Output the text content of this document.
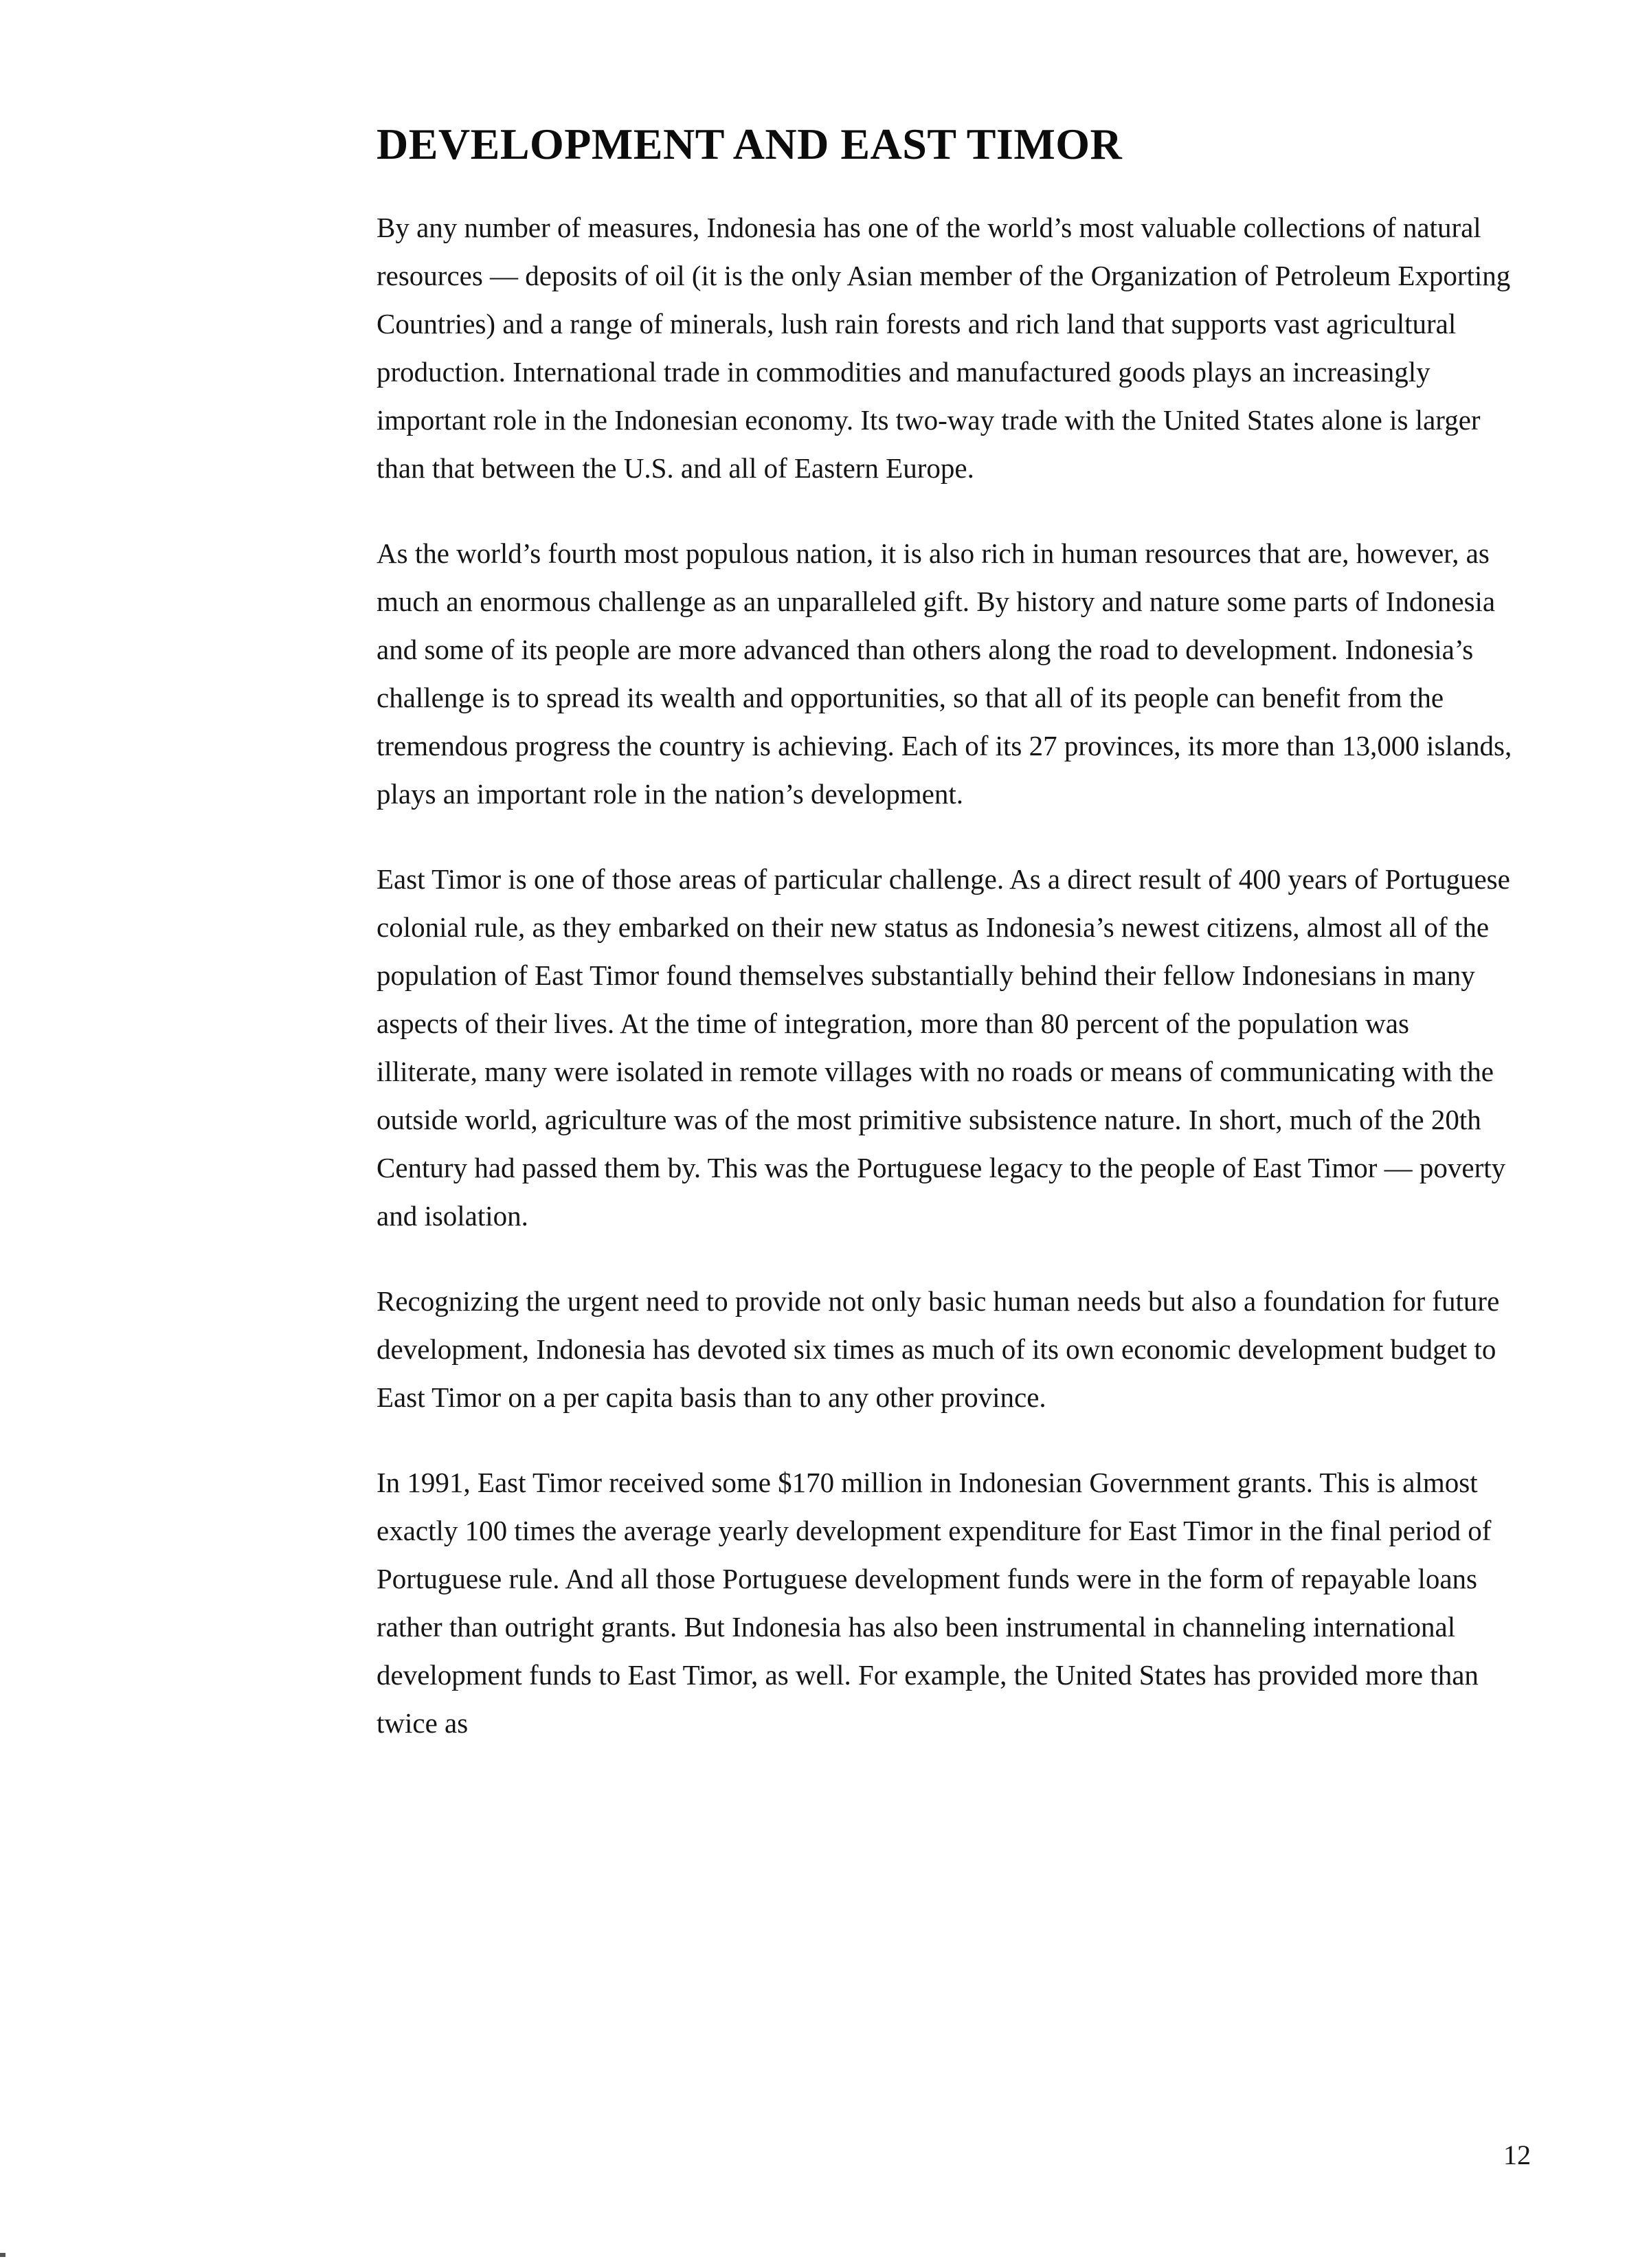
DEVELOPMENT AND EAST TIMOR

By any number of measures, Indonesia has one of the world’s most valuable collections of natural resources — deposits of oil (it is the only Asian member of the Organization of Petroleum Exporting Countries) and a range of minerals, lush rain forests and rich land that supports vast agricultural production. International trade in commodities and manufactured goods plays an increasingly important role in the Indonesian economy. Its two-way trade with the United States alone is larger than that between the U.S. and all of Eastern Europe.

As the world’s fourth most populous nation, it is also rich in human resources that are, however, as much an enormous challenge as an unparalleled gift. By history and nature some parts of Indonesia and some of its people are more advanced than others along the road to development. Indonesia’s challenge is to spread its wealth and opportunities, so that all of its people can benefit from the tremendous progress the country is achieving. Each of its 27 provinces, its more than 13,000 islands, plays an important role in the nation’s development.

East Timor is one of those areas of particular challenge. As a direct result of 400 years of Portuguese colonial rule, as they embarked on their new status as Indonesia’s newest citizens, almost all of the population of East Timor found themselves substantially behind their fellow Indonesians in many aspects of their lives. At the time of integration, more than 80 percent of the population was illiterate, many were isolated in remote villages with no roads or means of communicating with the outside world, agriculture was of the most primitive subsistence nature. In short, much of the 20th Century had passed them by. This was the Portuguese legacy to the people of East Timor — poverty and isolation.

Recognizing the urgent need to provide not only basic human needs but also a foundation for future development, Indonesia has devoted six times as much of its own economic development budget to East Timor on a per capita basis than to any other province.

In 1991, East Timor received some $170 million in Indonesian Government grants. This is almost exactly 100 times the average yearly development expenditure for East Timor in the final period of Portuguese rule. And all those Portuguese development funds were in the form of repayable loans rather than outright grants. But Indonesia has also been instrumental in channeling international development funds to East Timor, as well. For example, the United States has provided more than twice as

12
